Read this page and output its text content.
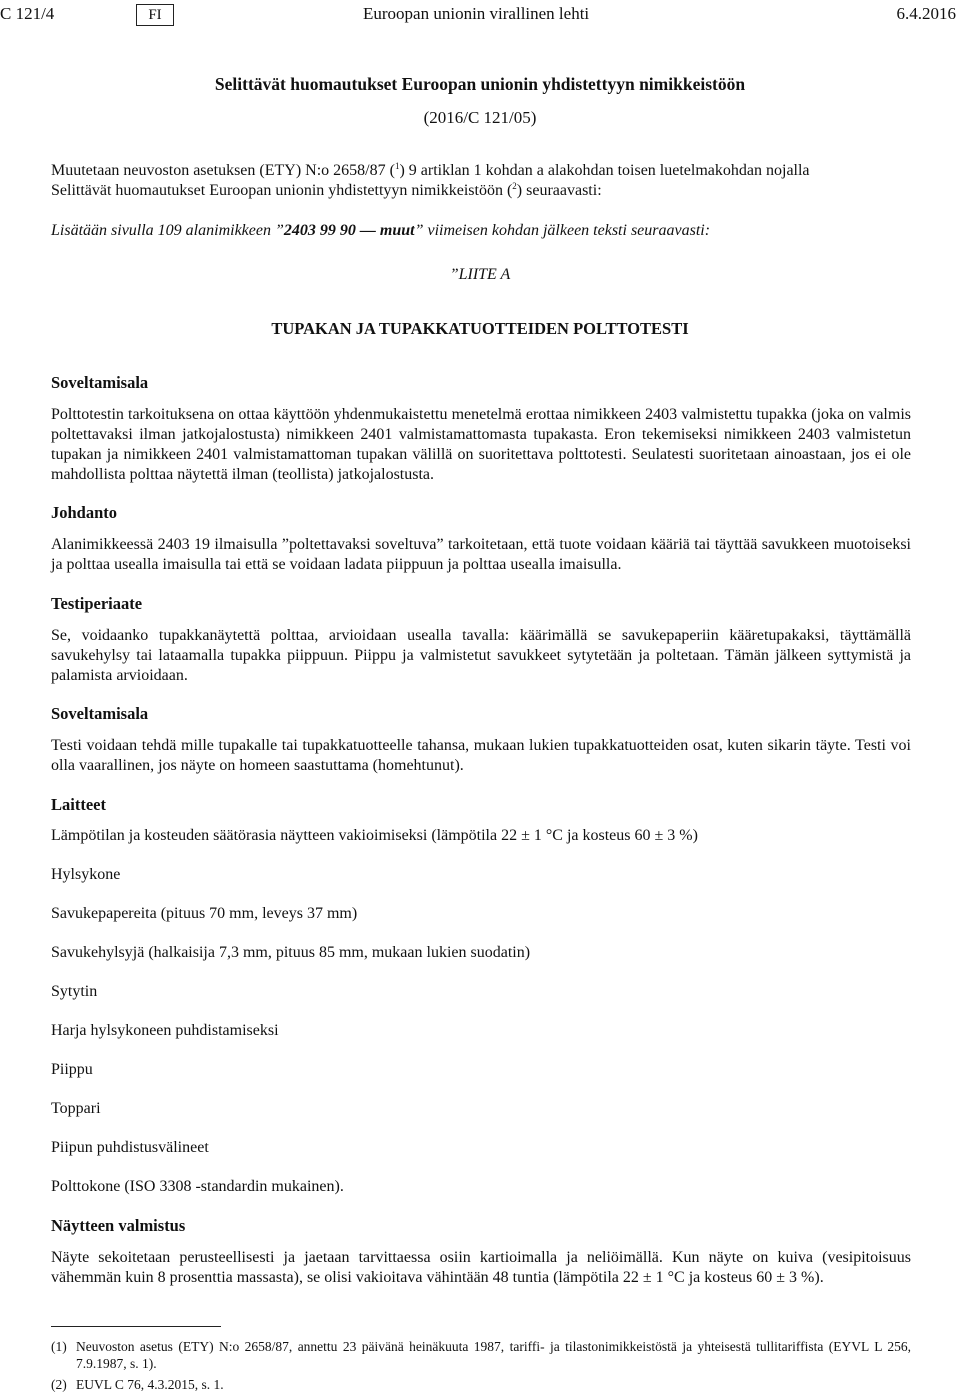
C 121/4	FI	Euroopan unionin virallinen lehti	6.4.2016
Selittävät huomautukset Euroopan unionin yhdistettyyn nimikkeistöön
(2016/C 121/05)
Muutetaan neuvoston asetuksen (ETY) N:o 2658/87 ($^1$) 9 artiklan 1 kohdan a alakohdan toisen luetelmakohdan nojalla
Selittävät huomautukset Euroopan unionin yhdistettyyn nimikkeistöön ($^2$) seuraavasti:
Lisätään sivulla 109 alanimikkeen ”2403 99 90 — muut” viimeisen kohdan jälkeen teksti seuraavasti:
”LIITE A
TUPAKAN JA TUPAKKATUOTTEIDEN POLTTOTESTI
Soveltamisala
Polttotestin tarkoituksena on ottaa käyttöön yhdenmukaistettu menetelmä erottaa nimikkeen 2403 valmistettu tupakka (joka on valmis poltettavaksi ilman jatkojalostusta) nimikkeen 2401 valmistamattomasta tupakasta. Eron tekemiseksi nimikkeen 2403 valmistetun tupakan ja nimikkeen 2401 valmistamattoman tupakan välillä on suoritettava polttotesti. Seulatesti suoritetaan ainoastaan, jos ei ole mahdollista polttaa näytettä ilman (teollista) jatkojalostusta.
Johdanto
Alanimikkeessä 2403 19 ilmaisulla ”poltettavaksi soveltuva” tarkoitetaan, että tuote voidaan kääriä tai täyttää savukkeen muotoiseksi ja polttaa usealla imaisulla tai että se voidaan ladata piippuun ja polttaa usealla imaisulla.
Testiperiaate
Se, voidaanko tupakkanäytettä polttaa, arvioidaan usealla tavalla: käärimällä se savukepaperiin kääretupakaksi, täyttämällä savukehylsy tai lataamalla tupakka piippuun. Piippu ja valmistetut savukkeet sytytetään ja poltetaan. Tämän jälkeen syttymistä ja palamista arvioidaan.
Soveltamisala
Testi voidaan tehdä mille tupakalle tai tupakkatuotteelle tahansa, mukaan lukien tupakkatuotteiden osat, kuten sikarin täyte. Testi voi olla vaarallinen, jos näyte on homeen saastuttama (homehtunut).
Laitteet
Lämpötilan ja kosteuden säätörasia näytteen vakioimiseksi (lämpötila 22 ± 1 °C ja kosteus 60 ± 3 %)
Hylsykone
Savukepapereita (pituus 70 mm, leveys 37 mm)
Savukehylsyjä (halkaisija 7,3 mm, pituus 85 mm, mukaan lukien suodatin)
Sytytin
Harja hylsykoneen puhdistamiseksi
Piippu
Toppari
Piipun puhdistusvälineet
Polttokone (ISO 3308 -standardin mukainen).
Näytteen valmistus
Näyte sekoitetaan perusteellisesti ja jaetaan tarvittaessa osiin kartioimalla ja neliöimällä. Kun näyte on kuiva (vesipitoisuus vähemmän kuin 8 prosenttia massasta), se olisi vakioitava vähintään 48 tuntia (lämpötila 22 ± 1 °C ja kosteus 60 ± 3 %).
(1) Neuvoston asetus (ETY) N:o 2658/87, annettu 23 päivänä heinäkuuta 1987, tariffi- ja tilastonimikkeistöstä ja yhteisestä tullitariffista (EYVL L 256, 7.9.1987, s. 1).
(2) EUVL C 76, 4.3.2015, s. 1.
